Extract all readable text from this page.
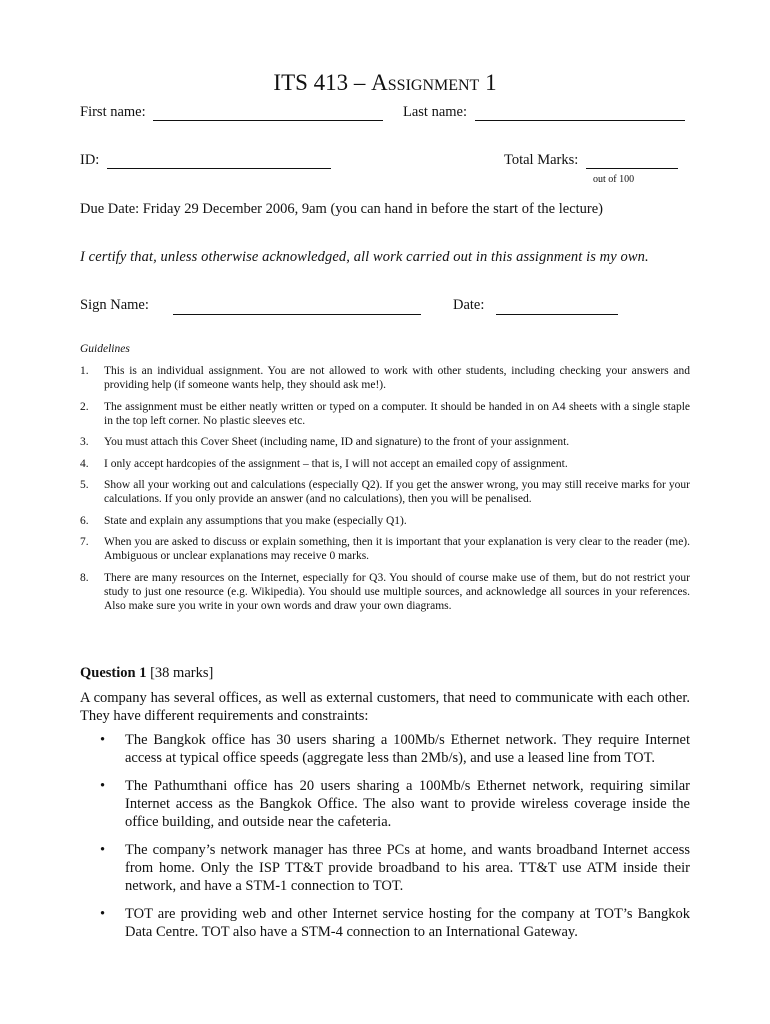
ITS 413 – Assignment 1
First name:	Last name:
ID:	Total Marks:
out of 100
Due Date: Friday 29 December 2006, 9am (you can hand in before the start of the lecture)
I certify that, unless otherwise acknowledged, all work carried out in this assignment is my own.
Sign Name:	Date:
Guidelines
1.	This is an individual assignment. You are not allowed to work with other students, including checking your answers and providing help (if someone wants help, they should ask me!).
2.	The assignment must be either neatly written or typed on a computer. It should be handed in on A4 sheets with a single staple in the top left corner. No plastic sleeves etc.
3.	You must attach this Cover Sheet (including name, ID and signature) to the front of your assignment.
4.	I only accept hardcopies of the assignment – that is, I will not accept an emailed copy of assignment.
5.	Show all your working out and calculations (especially Q2). If you get the answer wrong, you may still receive marks for your calculations. If you only provide an answer (and no calculations), then you will be penalised.
6.	State and explain any assumptions that you make (especially Q1).
7.	When you are asked to discuss or explain something, then it is important that your explanation is very clear to the reader (me). Ambiguous or unclear explanations may receive 0 marks.
8.	There are many resources on the Internet, especially for Q3. You should of course make use of them, but do not restrict your study to just one resource (e.g. Wikipedia). You should use multiple sources, and acknowledge all sources in your references. Also make sure you write in your own words and draw your own diagrams.
Question 1 [38 marks]
A company has several offices, as well as external customers, that need to communicate with each other. They have different requirements and constraints:
•	The Bangkok office has 30 users sharing a 100Mb/s Ethernet network. They require Internet access at typical office speeds (aggregate less than 2Mb/s), and use a leased line from TOT.
•	The Pathumthani office has 20 users sharing a 100Mb/s Ethernet network, requiring similar Internet access as the Bangkok Office. The also want to provide wireless coverage inside the office building, and outside near the cafeteria.
•	The company’s network manager has three PCs at home, and wants broadband Internet access from home. Only the ISP TT&T provide broadband to his area. TT&T use ATM inside their network, and have a STM-1 connection to TOT.
•	TOT are providing web and other Internet service hosting for the company at TOT’s Bangkok Data Centre. TOT also have a STM-4 connection to an International Gateway.
